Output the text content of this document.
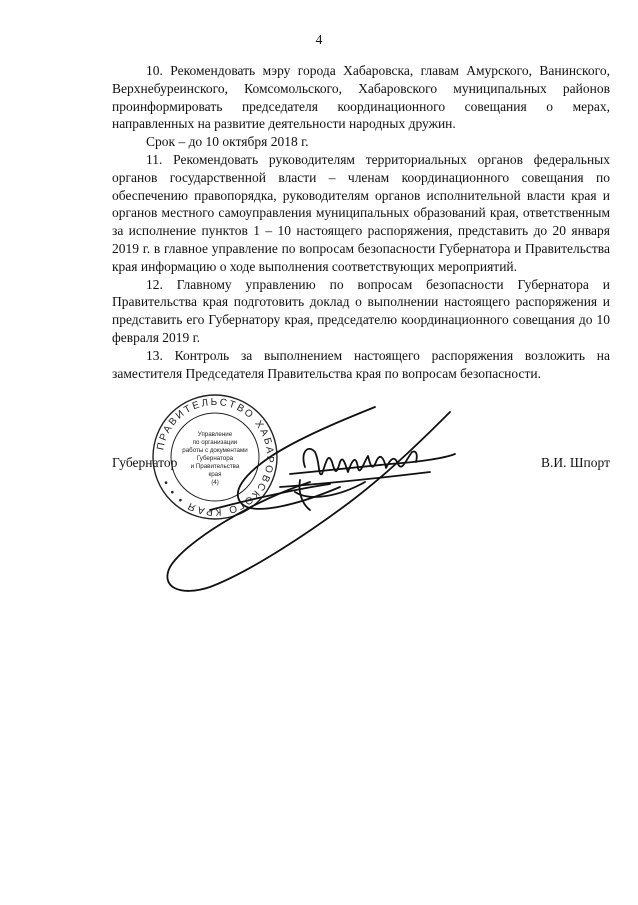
4

10. Рекомендовать мэру города Хабаровска, главам Амурского, Ванинского, Верхнебуреинского, Комсомольского, Хабаровского муниципальных районов проинформировать председателя координационного совещания о мерах, направленных на развитие деятельности народных дружин.

Срок – до 10 октября 2018 г.

11. Рекомендовать руководителям территориальных органов федеральных органов государственной власти – членам координационного совещания по обеспечению правопорядка, руководителям органов исполнительной власти края и органов местного самоуправления муниципальных образований края, ответственным за исполнение пунктов 1 – 10 настоящего распоряжения, представить до 20 января 2019 г. в главное управление по вопросам безопасности Губернатора и Правительства края информацию о ходе выполнения соответствующих мероприятий.

12. Главному управлению по вопросам безопасности Губернатора и Правительства края подготовить доклад о выполнении настоящего распоряжения и представить его Губернатору края, председателю координационного совещания до 10 февраля 2019 г.

13. Контроль за выполнением настоящего распоряжения возложить на заместителя Председателя Правительства края по вопросам безопасности.

ПРАВИТЕЛЬСТВО ХАБАРОВСКОГО КРАЯ • • •
Управление
по организации
работы с документами
Губернатора
и Правительства
края
(4)
Губернатор	В.И. Шпорт
